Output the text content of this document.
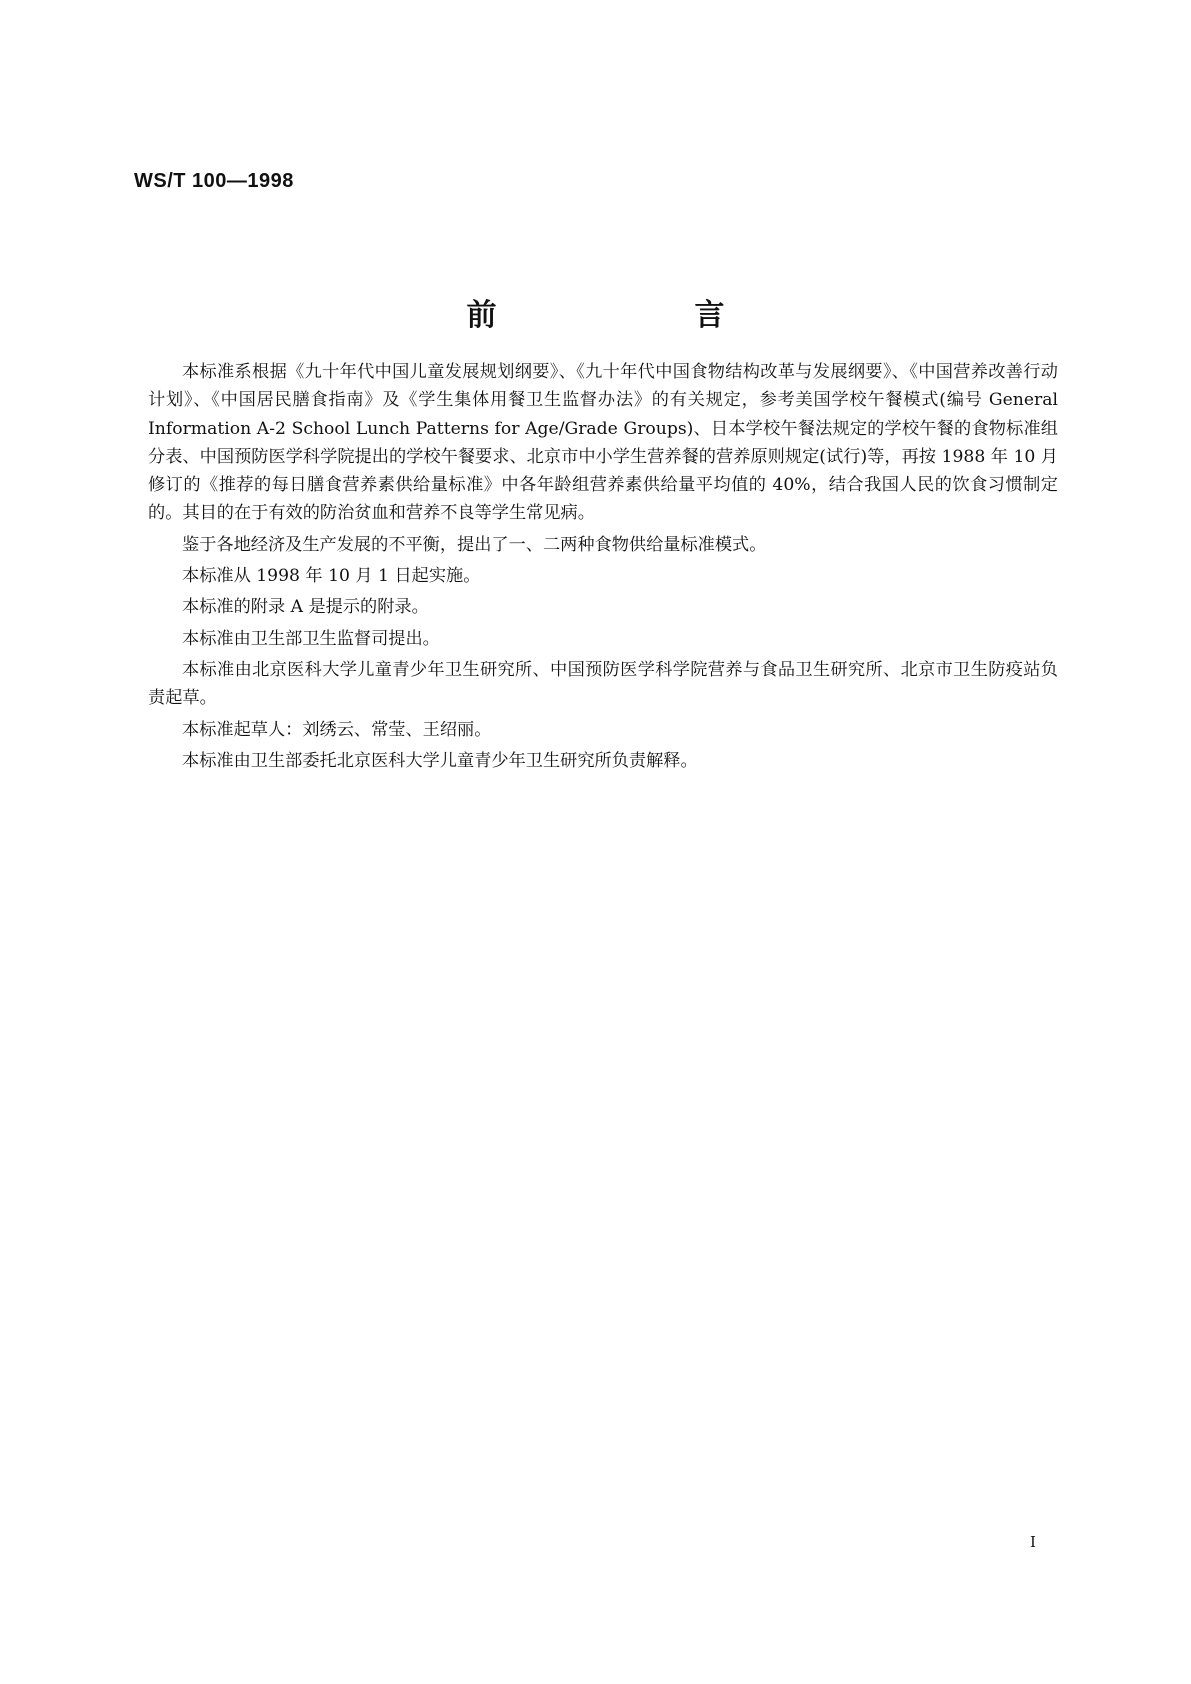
WS/T 100—1998
前　言

本标准系根据《九十年代中国儿童发展规划纲要》、《九十年代中国食物结构改革与发展纲要》、《中国营养改善行动计划》、《中国居民膳食指南》及《学生集体用餐卫生监督办法》的有关规定，参考美国学校午餐模式(编号 General Information A-2 School Lunch Patterns for Age/Grade Groups)、日本学校午餐法规定的学校午餐的食物标准组分表、中国预防医学科学院提出的学校午餐要求、北京市中小学生营养餐的营养原则规定(试行)等，再按 1988 年 10 月修订的《推荐的每日膳食营养素供给量标准》中各年龄组营养素供给量平均值的 40%，结合我国人民的饮食习惯制定的。其目的在于有效的防治贫血和营养不良等学生常见病。

鉴于各地经济及生产发展的不平衡，提出了一、二两种食物供给量标准模式。

本标准从 1998 年 10 月 1 日起实施。

本标准的附录 A 是提示的附录。

本标准由卫生部卫生监督司提出。

本标准由北京医科大学儿童青少年卫生研究所、中国预防医学科学院营养与食品卫生研究所、北京市卫生防疫站负责起草。

本标准起草人：刘绣云、常莹、王绍丽。

本标准由卫生部委托北京医科大学儿童青少年卫生研究所负责解释。

I
